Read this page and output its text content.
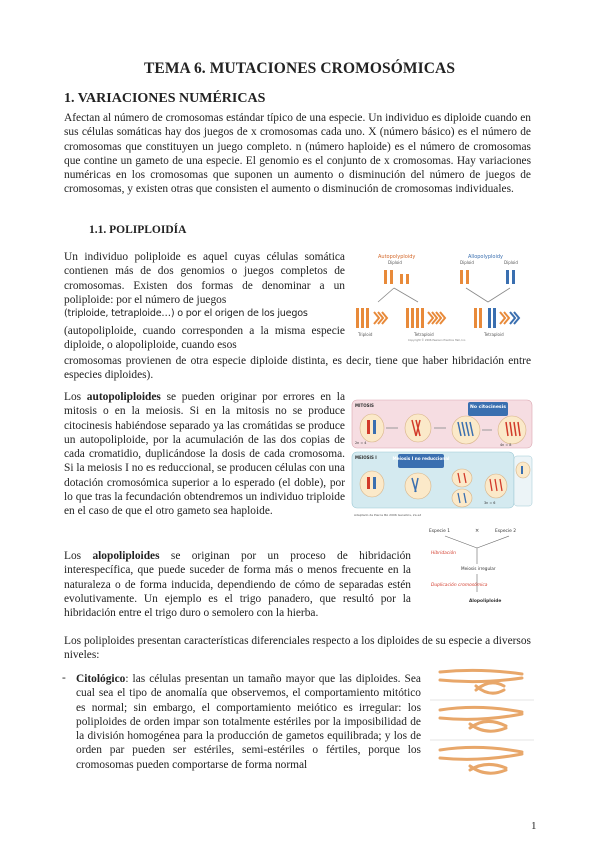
TEMA 6. MUTACIONES CROMOSÓMICAS
1. VARIACIONES NUMÉRICAS
Afectan al número de cromosomas estándar típico de una especie. Un individuo es diploide cuando en sus células somáticas hay dos juegos de x cromosomas cada uno. X (número básico) es el número de cromosomas que constituyen un juego completo. n (número haploide) es el número de cromosomas que contine un gameto de una especie. El genomio es el conjunto de x cromosomas. Hay variaciones numéricas en los cromosomas que suponen un aumento o disminución del número de juegos de cromosomas, y existen otras que consisten el aumento o disminución de cromosomas individuales.
1.1. POLIPLOIDÍA
Un individuo poliploide es aquel cuyas células somática contienen más de dos genomios o juegos completos de cromosomas. Existen dos formas de denominar a un poliploide: por el número de juegos
(triploide, tetraploide…) o por el origen de los juegos
(autopoliploide, cuando corresponden a la misma especie diploide, o alopoliploide, cuando esos
cromosomas provienen de otra especie diploide distinta, es decir, tiene que haber hibridación entre especies diploides).
Autopolyploidy
Diploid
Allopolyploidy
Diploid	Diploid
Triploid	Tetraploid	Tetraploid
Copyright © 2006 Pearson Prentice Hall, Inc.
Los autopoliploides se pueden originar por errores en la mitosis o en la meiosis. Si en la mitosis no se produce citocinesis habiéndose separado ya las cromátidas se produce un autopoliploide, por la acumulación de las dos copias de cada cromatidio, duplicándose la dosis de cada cromosoma. Si la meiosis I no es reduccional, se producen células con una dotación cromosómica superior a lo esperado (el doble), por lo que tras la fecundación obtendremos un individuo triploide en el caso de que el otro gameto sea haploide.
MITOSIS	No citocinesis
2n = 4	4n = 8
MEIOSIS I	Meiosis I no reduccional
3n = 6
Adaptado de Pierce BA 2006 Genetics, 2a ed
Los alopoliploides se originan por un proceso de hibridación interespecífica, que puede suceder de forma más o menos frecuente en la naturaleza o de forma inducida, dependiendo de cómo de separadas estén evolutivamente. Un ejemplo es el trigo panadero, que resultó por la hibridación entre el trigo duro o semolero con la hierba.
Especie 1	Especie 2
×
Hibridación
Meiosis irregular
Duplicación cromosómica
Alopoliploide
Los poliploides presentan características diferenciales respecto a los diploides de su especie a diversos niveles:
- Citológico: las células presentan un tamaño mayor que las diploides. Sea cual sea el tipo de anomalía que observemos, el comportamiento mitótico es normal; sin embargo, el comportamiento meiótico es irregular: los poliploides de orden impar son totalmente estériles por la imposibilidad de la división homogénea para la producción de gametos equilibrada; y los de orden par pueden ser estériles, semi-estériles o fértiles, porque los cromosomas pueden comportarse de forma normal
1
